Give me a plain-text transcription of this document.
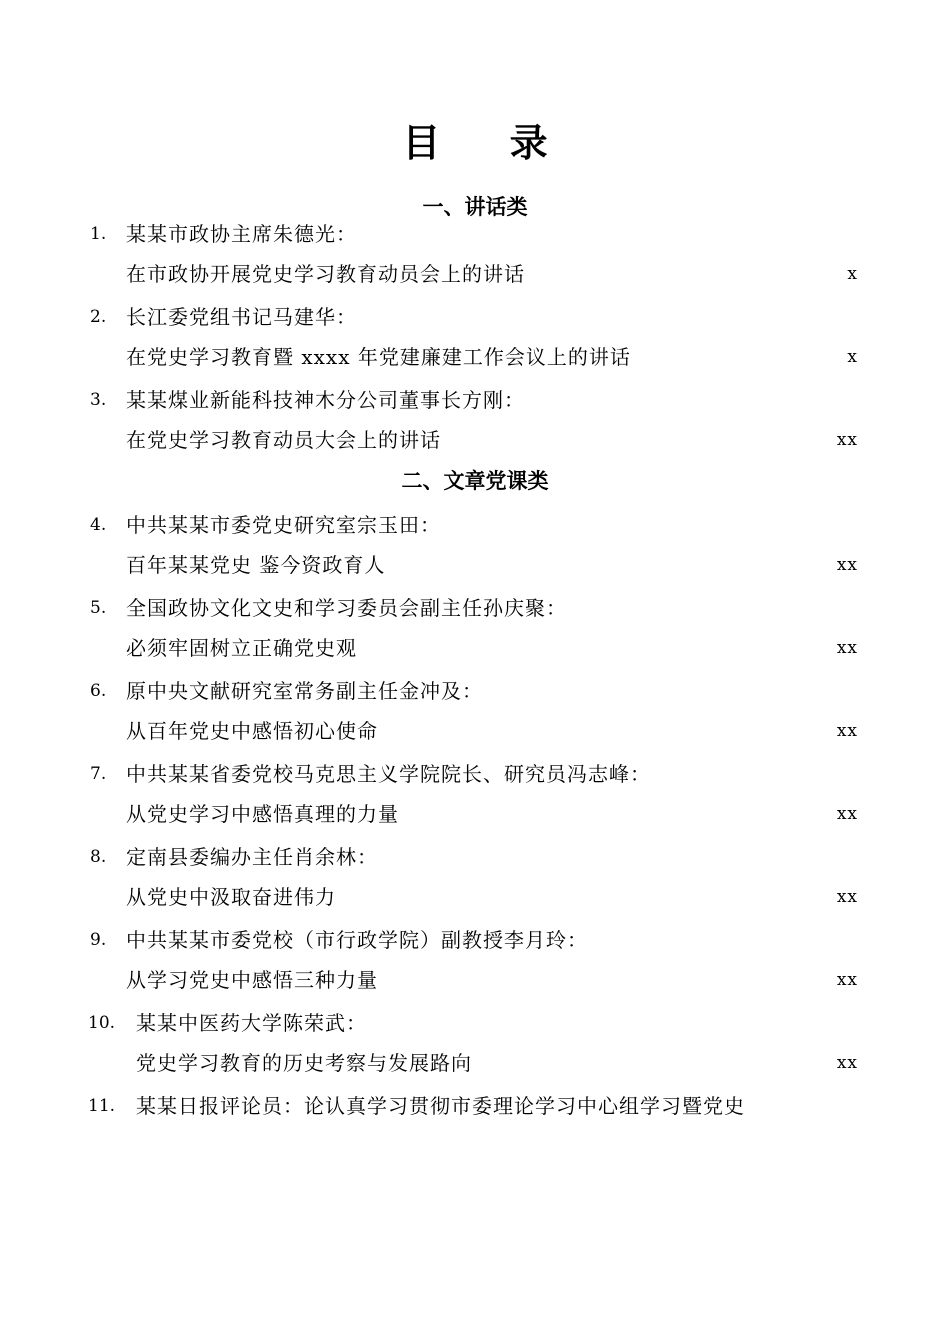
目 录
一、讲话类
1. 某某市政协主席朱德光：
在市政协开展党史学习教育动员会上的讲话	x
2. 长江委党组书记马建华：
在党史学习教育暨 xxxx 年党建廉建工作会议上的讲话	x
3. 某某煤业新能科技神木分公司董事长方刚：
在党史学习教育动员大会上的讲话	xx
二、文章党课类
4. 中共某某市委党史研究室宗玉田：
百年某某党史 鉴今资政育人	xx
5. 全国政协文化文史和学习委员会副主任孙庆聚：
必须牢固树立正确党史观	xx
6. 原中央文献研究室常务副主任金冲及：
从百年党史中感悟初心使命	xx
7. 中共某某省委党校马克思主义学院院长、研究员冯志峰：
从党史学习中感悟真理的力量	xx
8. 定南县委编办主任肖余林：
从党史中汲取奋进伟力	xx
9. 中共某某市委党校（市行政学院）副教授李月玲：
从学习党史中感悟三种力量	xx
10. 某某中医药大学陈荣武：
党史学习教育的历史考察与发展路向	xx
11. 某某日报评论员：论认真学习贯彻市委理论学习中心组学习暨党史
